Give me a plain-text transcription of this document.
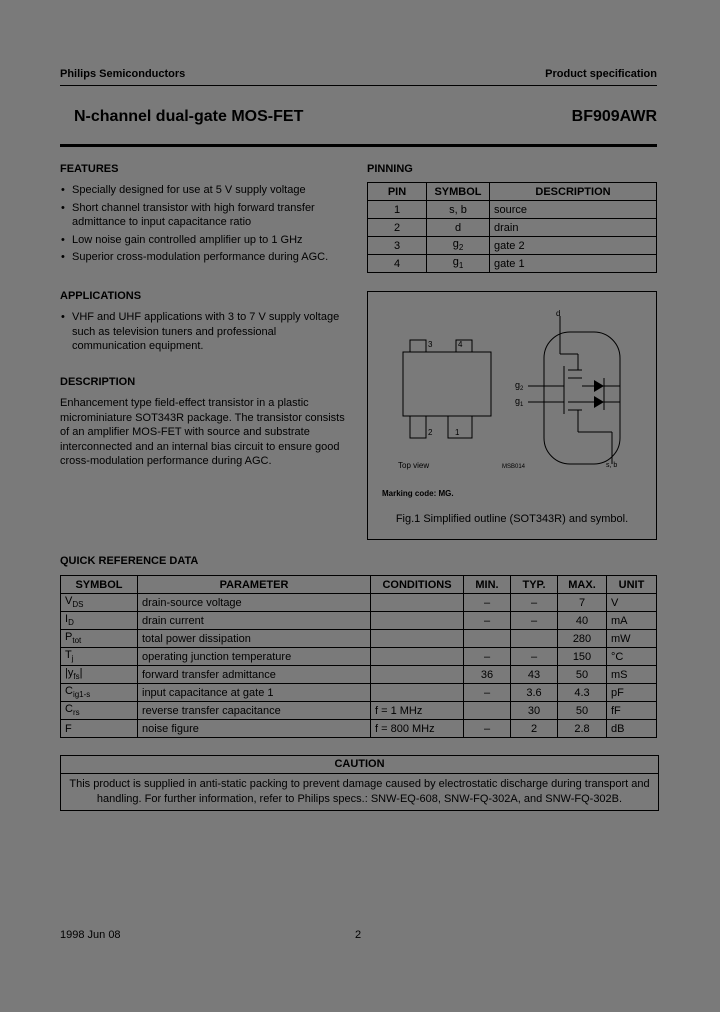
Philips Semiconductors	Product specification
N-channel dual-gate MOS-FET	BF909AWR
FEATURES
• Specially designed for use at 5 V supply voltage
• Short channel transistor with high forward transfer admittance to input capacitance ratio
• Low noise gain controlled amplifier up to 1 GHz
• Superior cross-modulation performance during AGC.
APPLICATIONS
• VHF and UHF applications with 3 to 7 V supply voltage such as television tuners and professional communication equipment.
DESCRIPTION
Enhancement type field-effect transistor in a plastic microminiature SOT343R package. The transistor consists of an amplifier MOS-FET with source and substrate interconnected and an internal bias circuit to ensure good cross-modulation performance during AGC.
PINNING
PIN	SYMBOL	DESCRIPTION
1	s, b	source
2	d	drain
3	$g_2$	gate 2
4	$g_1$	gate 1
3	4
2	1
Top view	MSB014
Marking code: MG.
d
$g_2$
$g_1$
s, b
Fig.1 Simplified outline (SOT343R) and symbol.
QUICK REFERENCE DATA
SYMBOL	PARAMETER	CONDITIONS	MIN.	TYP.	MAX.	UNIT
$V_{DS}$	drain-source voltage		–	–	7	V
$I_D$	drain current		–	–	40	mA
$P_{tot}$	total power dissipation				280	mW
$T_j$	operating junction temperature		–	–	150	°C
$|y_{fs}|$	forward transfer admittance		36	43	50	mS
$C_{ig1-s}$	input capacitance at gate 1		–	3.6	4.3	pF
$C_{rs}$	reverse transfer capacitance	f = 1 MHz		30	50	fF
F	noise figure	f = 800 MHz	–	2	2.8	dB
CAUTION
This product is supplied in anti-static packing to prevent damage caused by electrostatic discharge during transport and handling. For further information, refer to Philips specs.: SNW-EQ-608, SNW-FQ-302A, and SNW-FQ-302B.
1998 Jun 08	2
